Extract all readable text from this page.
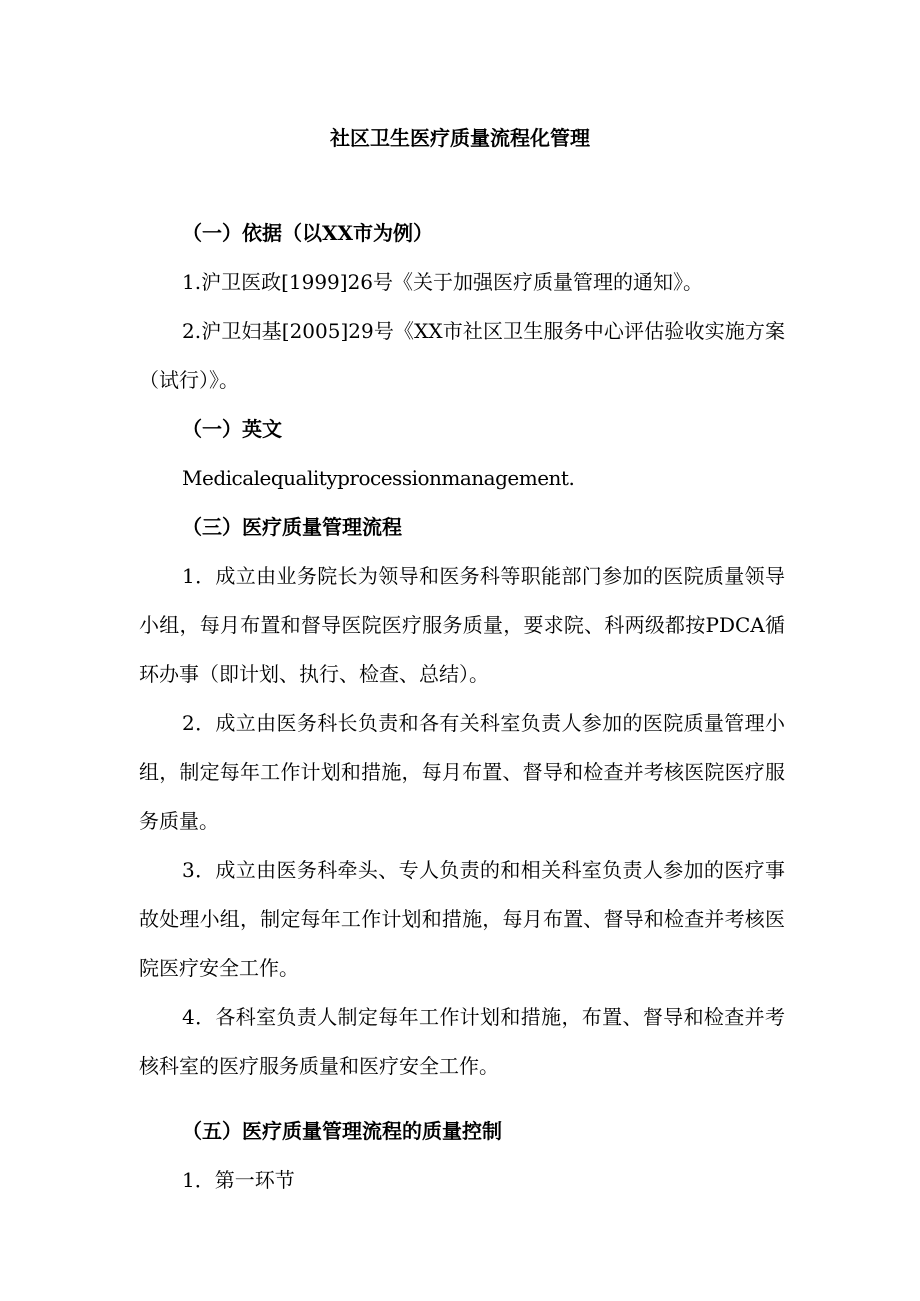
社区卫生医疗质量流程化管理

（一）依据（以XX市为例）

1.沪卫医政[1999]26号《关于加强医疗质量管理的通知》。

2.沪卫妇基[2005]29号《XX市社区卫生服务中心评估验收实施方案（试行）》。

（一）英文

Medicalequalityprocessionmanagement.

（三）医疗质量管理流程

1．成立由业务院长为领导和医务科等职能部门参加的医院质量领导小组，每月布置和督导医院医疗服务质量，要求院、科两级都按PDCA循环办事（即计划、执行、检查、总结）。

2．成立由医务科长负责和各有关科室负责人参加的医院质量管理小组，制定每年工作计划和措施，每月布置、督导和检查并考核医院医疗服务质量。

3．成立由医务科牵头、专人负责的和相关科室负责人参加的医疗事故处理小组，制定每年工作计划和措施，每月布置、督导和检查并考核医院医疗安全工作。

4．各科室负责人制定每年工作计划和措施，布置、督导和检查并考核科室的医疗服务质量和医疗安全工作。

（五）医疗质量管理流程的质量控制

1．第一环节
